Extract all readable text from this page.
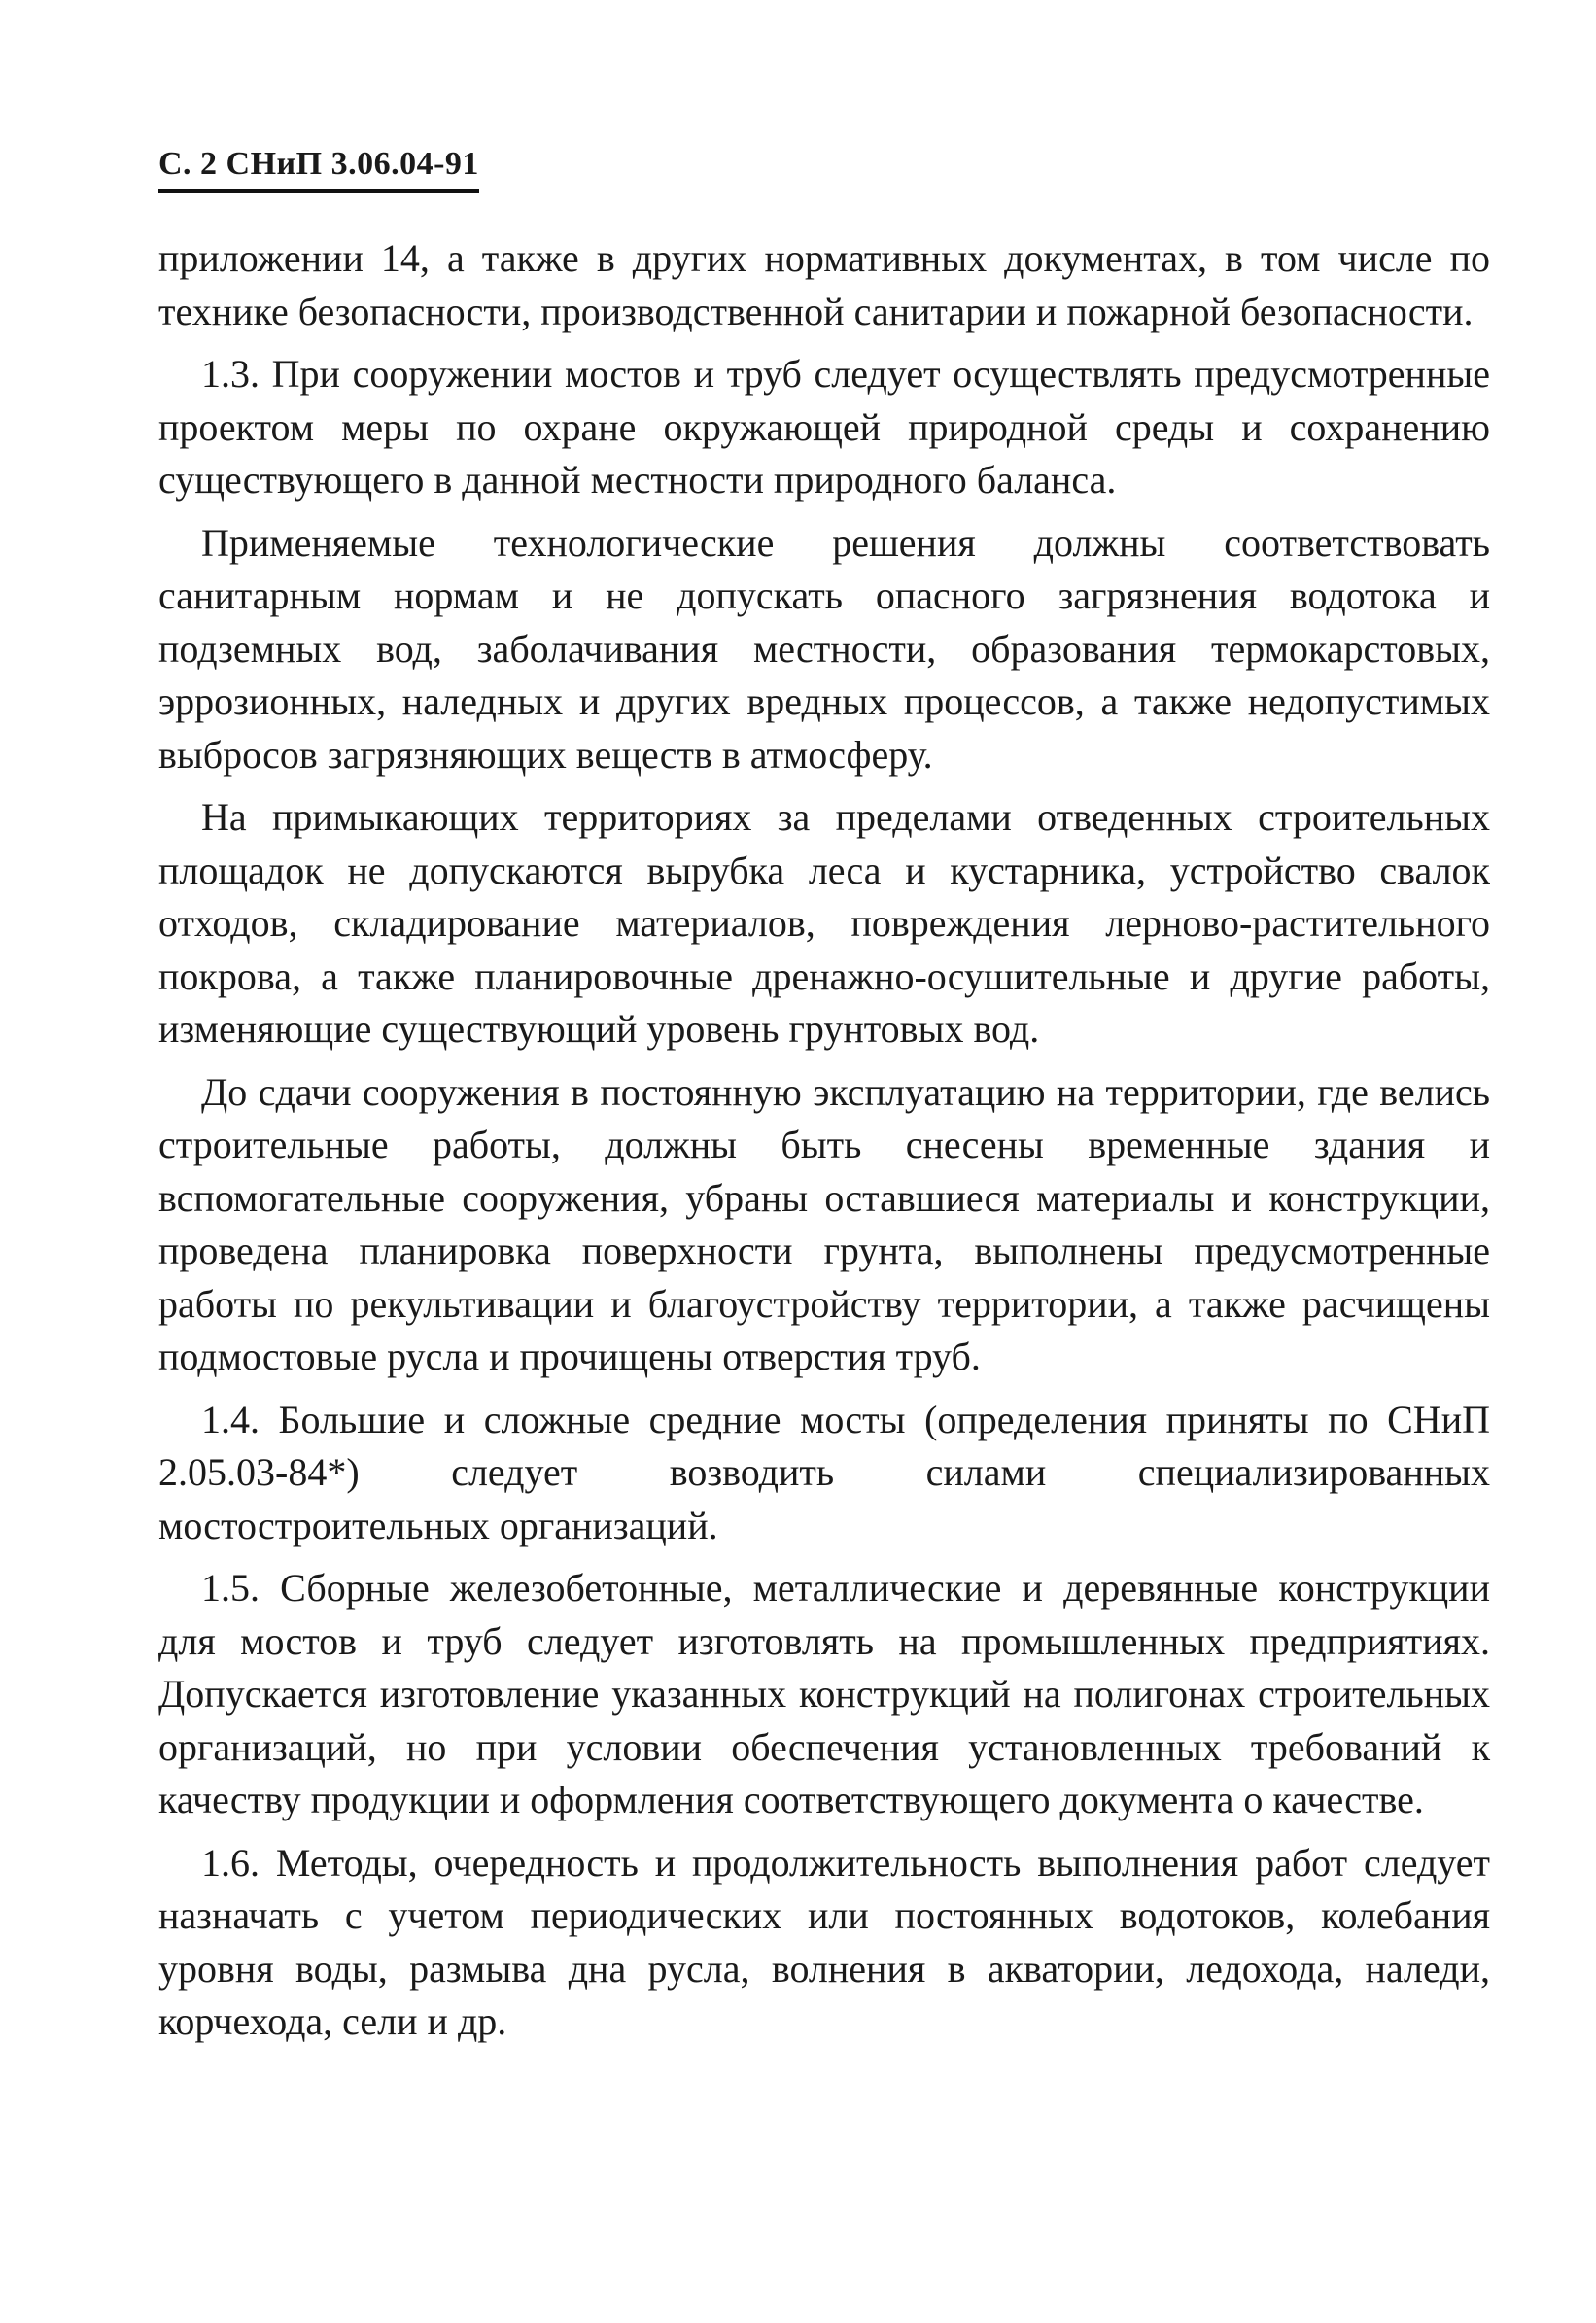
С. 2 СНиП 3.06.04-91

приложении 14, а также в других нормативных документах, в том числе по технике безопасности, производственной санитарии и пожарной безопасности.

1.3. При сооружении мостов и труб следует осуществлять предусмотренные проектом меры по охране окружающей природной среды и сохранению существующего в данной местности природного баланса.

Применяемые технологические решения должны соответствовать санитарным нормам и не допускать опасного загрязнения водотока и подземных вод, заболачивания местности, образования термокарстовых, эррозионных, наледных и других вредных процессов, а также недопустимых выбросов загрязняющих веществ в атмосферу.

На примыкающих территориях за пределами отведенных строительных площадок не допускаются вырубка леса и кустарника, устройство свалок отходов, складирование материалов, повреждения лерново-растительного покрова, а также планировочные дренажно-осушительные и другие работы, изменяющие существующий уровень грунтовых вод.

До сдачи сооружения в постоянную эксплуатацию на территории, где велись строительные работы, должны быть снесены временные здания и вспомогательные сооружения, убраны оставшиеся материалы и конструкции, проведена планировка поверхности грунта, выполнены предусмотренные работы по рекультивации и благоустройству территории, а также расчищены подмостовые русла и прочищены отверстия труб.

1.4. Большие и сложные средние мосты (определения приняты по СНиП 2.05.03-84*) следует возводить силами специализированных мостостроительных организаций.

1.5. Сборные железобетонные, металлические и деревянные конструкции для мостов и труб следует изготовлять на промышленных предприятиях. Допускается изготовление указанных конструкций на полигонах строительных организаций, но при условии обеспечения установленных требований к качеству продукции и оформления соответствующего документа о качестве.

1.6. Методы, очередность и продолжительность выполнения работ следует назначать с учетом периодических или постоянных водотоков, колебания уровня воды, размыва дна русла, волнения в акватории, ледохода, наледи, корчехода, сели и др.
